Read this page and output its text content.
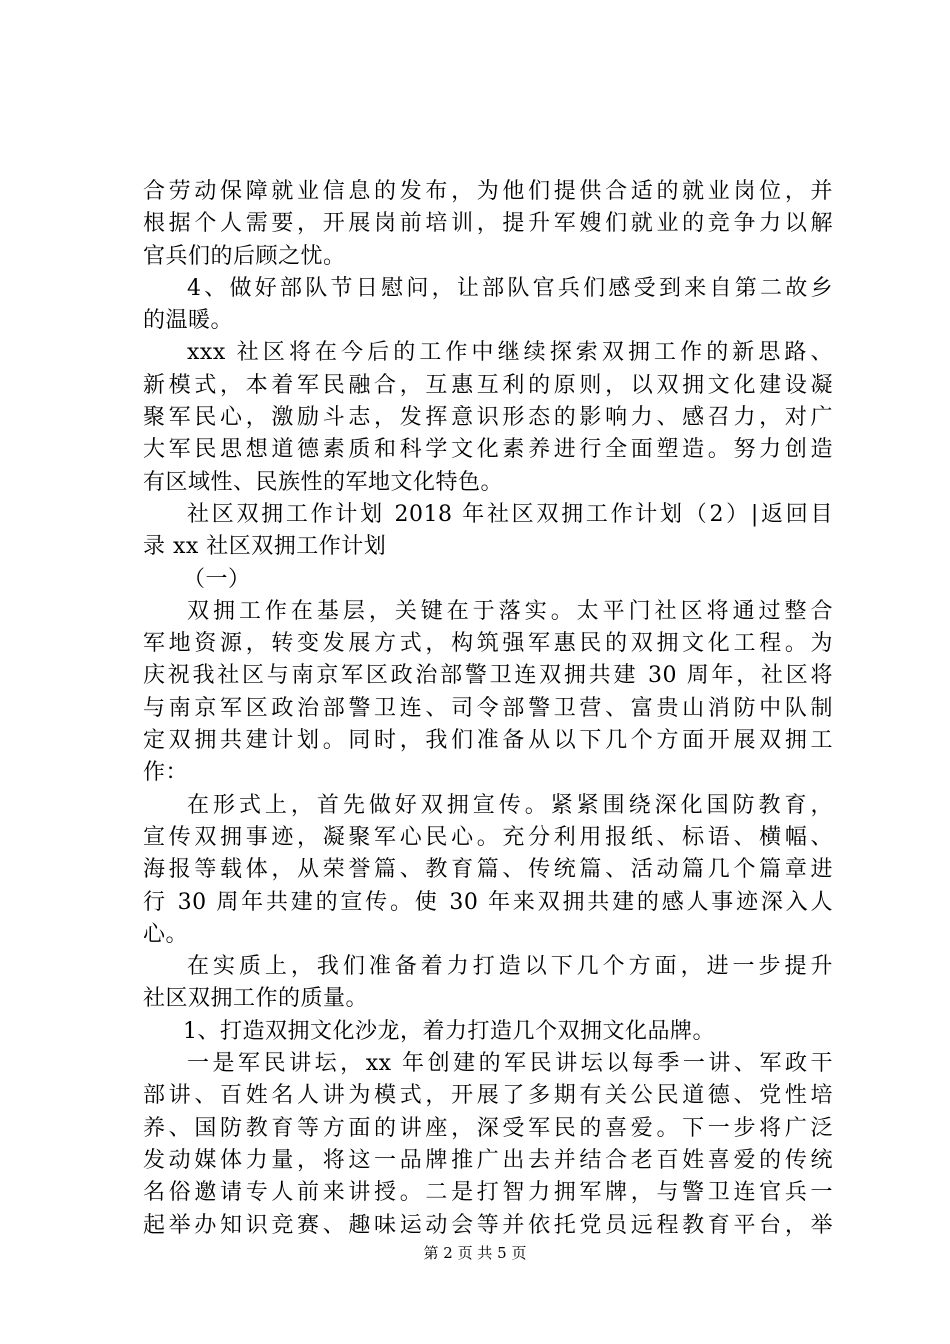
合劳动保障就业信息的发布，为他们提供合适的就业岗位，并
根据个人需要，开展岗前培训，提升军嫂们就业的竞争力以解
官兵们的后顾之忧。
4、做好部队节日慰问，让部队官兵们感受到来自第二故乡
的温暖。
xxx 社区将在今后的工作中继续探索双拥工作的新思路、
新模式，本着军民融合，互惠互利的原则，以双拥文化建设凝
聚军民心，激励斗志，发挥意识形态的影响力、感召力，对广
大军民思想道德素质和科学文化素养进行全面塑造。努力创造
有区域性、民族性的军地文化特色。
社区双拥工作计划 2018 年社区双拥工作计划（2）|返回目
录 xx 社区双拥工作计划
（一）
双拥工作在基层，关键在于落实。太平门社区将通过整合
军地资源，转变发展方式，构筑强军惠民的双拥文化工程。为
庆祝我社区与南京军区政治部警卫连双拥共建 30 周年，社区将
与南京军区政治部警卫连、司令部警卫营、富贵山消防中队制
定双拥共建计划。同时，我们准备从以下几个方面开展双拥工
作：
在形式上，首先做好双拥宣传。紧紧围绕深化国防教育，
宣传双拥事迹，凝聚军心民心。充分利用报纸、标语、横幅、
海报等载体，从荣誉篇、教育篇、传统篇、活动篇几个篇章进
行 30 周年共建的宣传。使 30 年来双拥共建的感人事迹深入人
心。
在实质上，我们准备着力打造以下几个方面，进一步提升
社区双拥工作的质量。
1、打造双拥文化沙龙，着力打造几个双拥文化品牌。
一是军民讲坛，xx 年创建的军民讲坛以每季一讲、军政干
部讲、百姓名人讲为模式，开展了多期有关公民道德、党性培
养、国防教育等方面的讲座，深受军民的喜爱。下一步将广泛
发动媒体力量，将这一品牌推广出去并结合老百姓喜爱的传统
名俗邀请专人前来讲授。二是打智力拥军牌，与警卫连官兵一
起举办知识竞赛、趣味运动会等并依托党员远程教育平台，举
第 2 页 共 5 页
